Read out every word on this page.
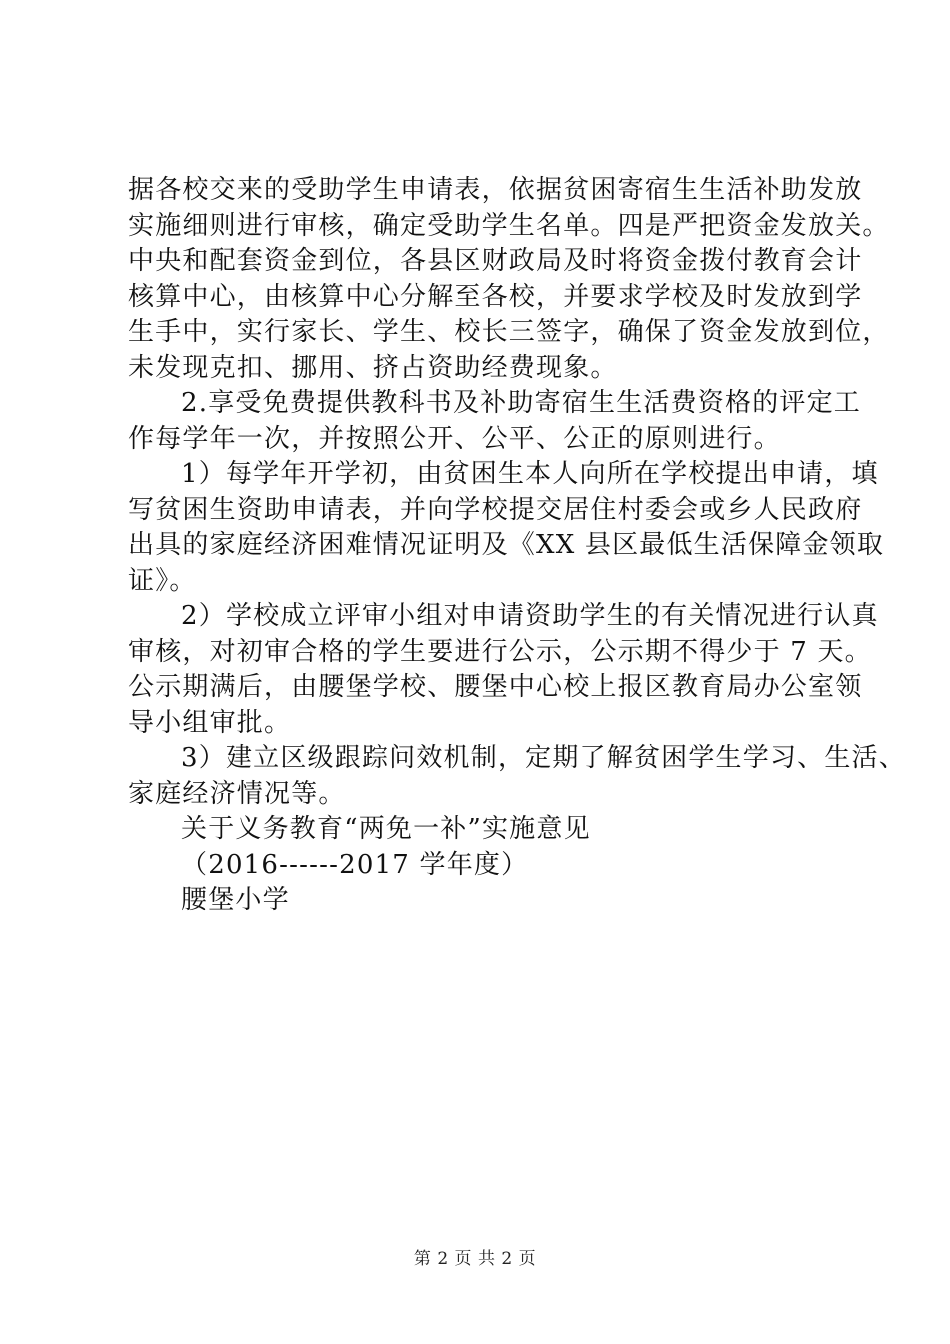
据各校交来的受助学生申请表，依据贫困寄宿生生活补助发放
实施细则进行审核，确定受助学生名单。四是严把资金发放关。
中央和配套资金到位，各县区财政局及时将资金拨付教育会计
核算中心，由核算中心分解至各校，并要求学校及时发放到学
生手中，实行家长、学生、校长三签字，确保了资金发放到位，
未发现克扣、挪用、挤占资助经费现象。
2.享受免费提供教科书及补助寄宿生生活费资格的评定工
作每学年一次，并按照公开、公平、公正的原则进行。
1）每学年开学初，由贫困生本人向所在学校提出申请，填
写贫困生资助申请表，并向学校提交居住村委会或乡人民政府
出具的家庭经济困难情况证明及《XX 县区最低生活保障金领取
证》。
2）学校成立评审小组对申请资助学生的有关情况进行认真
审核，对初审合格的学生要进行公示，公示期不得少于 7 天。
公示期满后，由腰堡学校、腰堡中心校上报区教育局办公室领
导小组审批。
3）建立区级跟踪问效机制，定期了解贫困学生学习、生活、
家庭经济情况等。
关于义务教育“两免一补”实施意见
（2016------2017 学年度）
腰堡小学
第 2 页 共 2 页
